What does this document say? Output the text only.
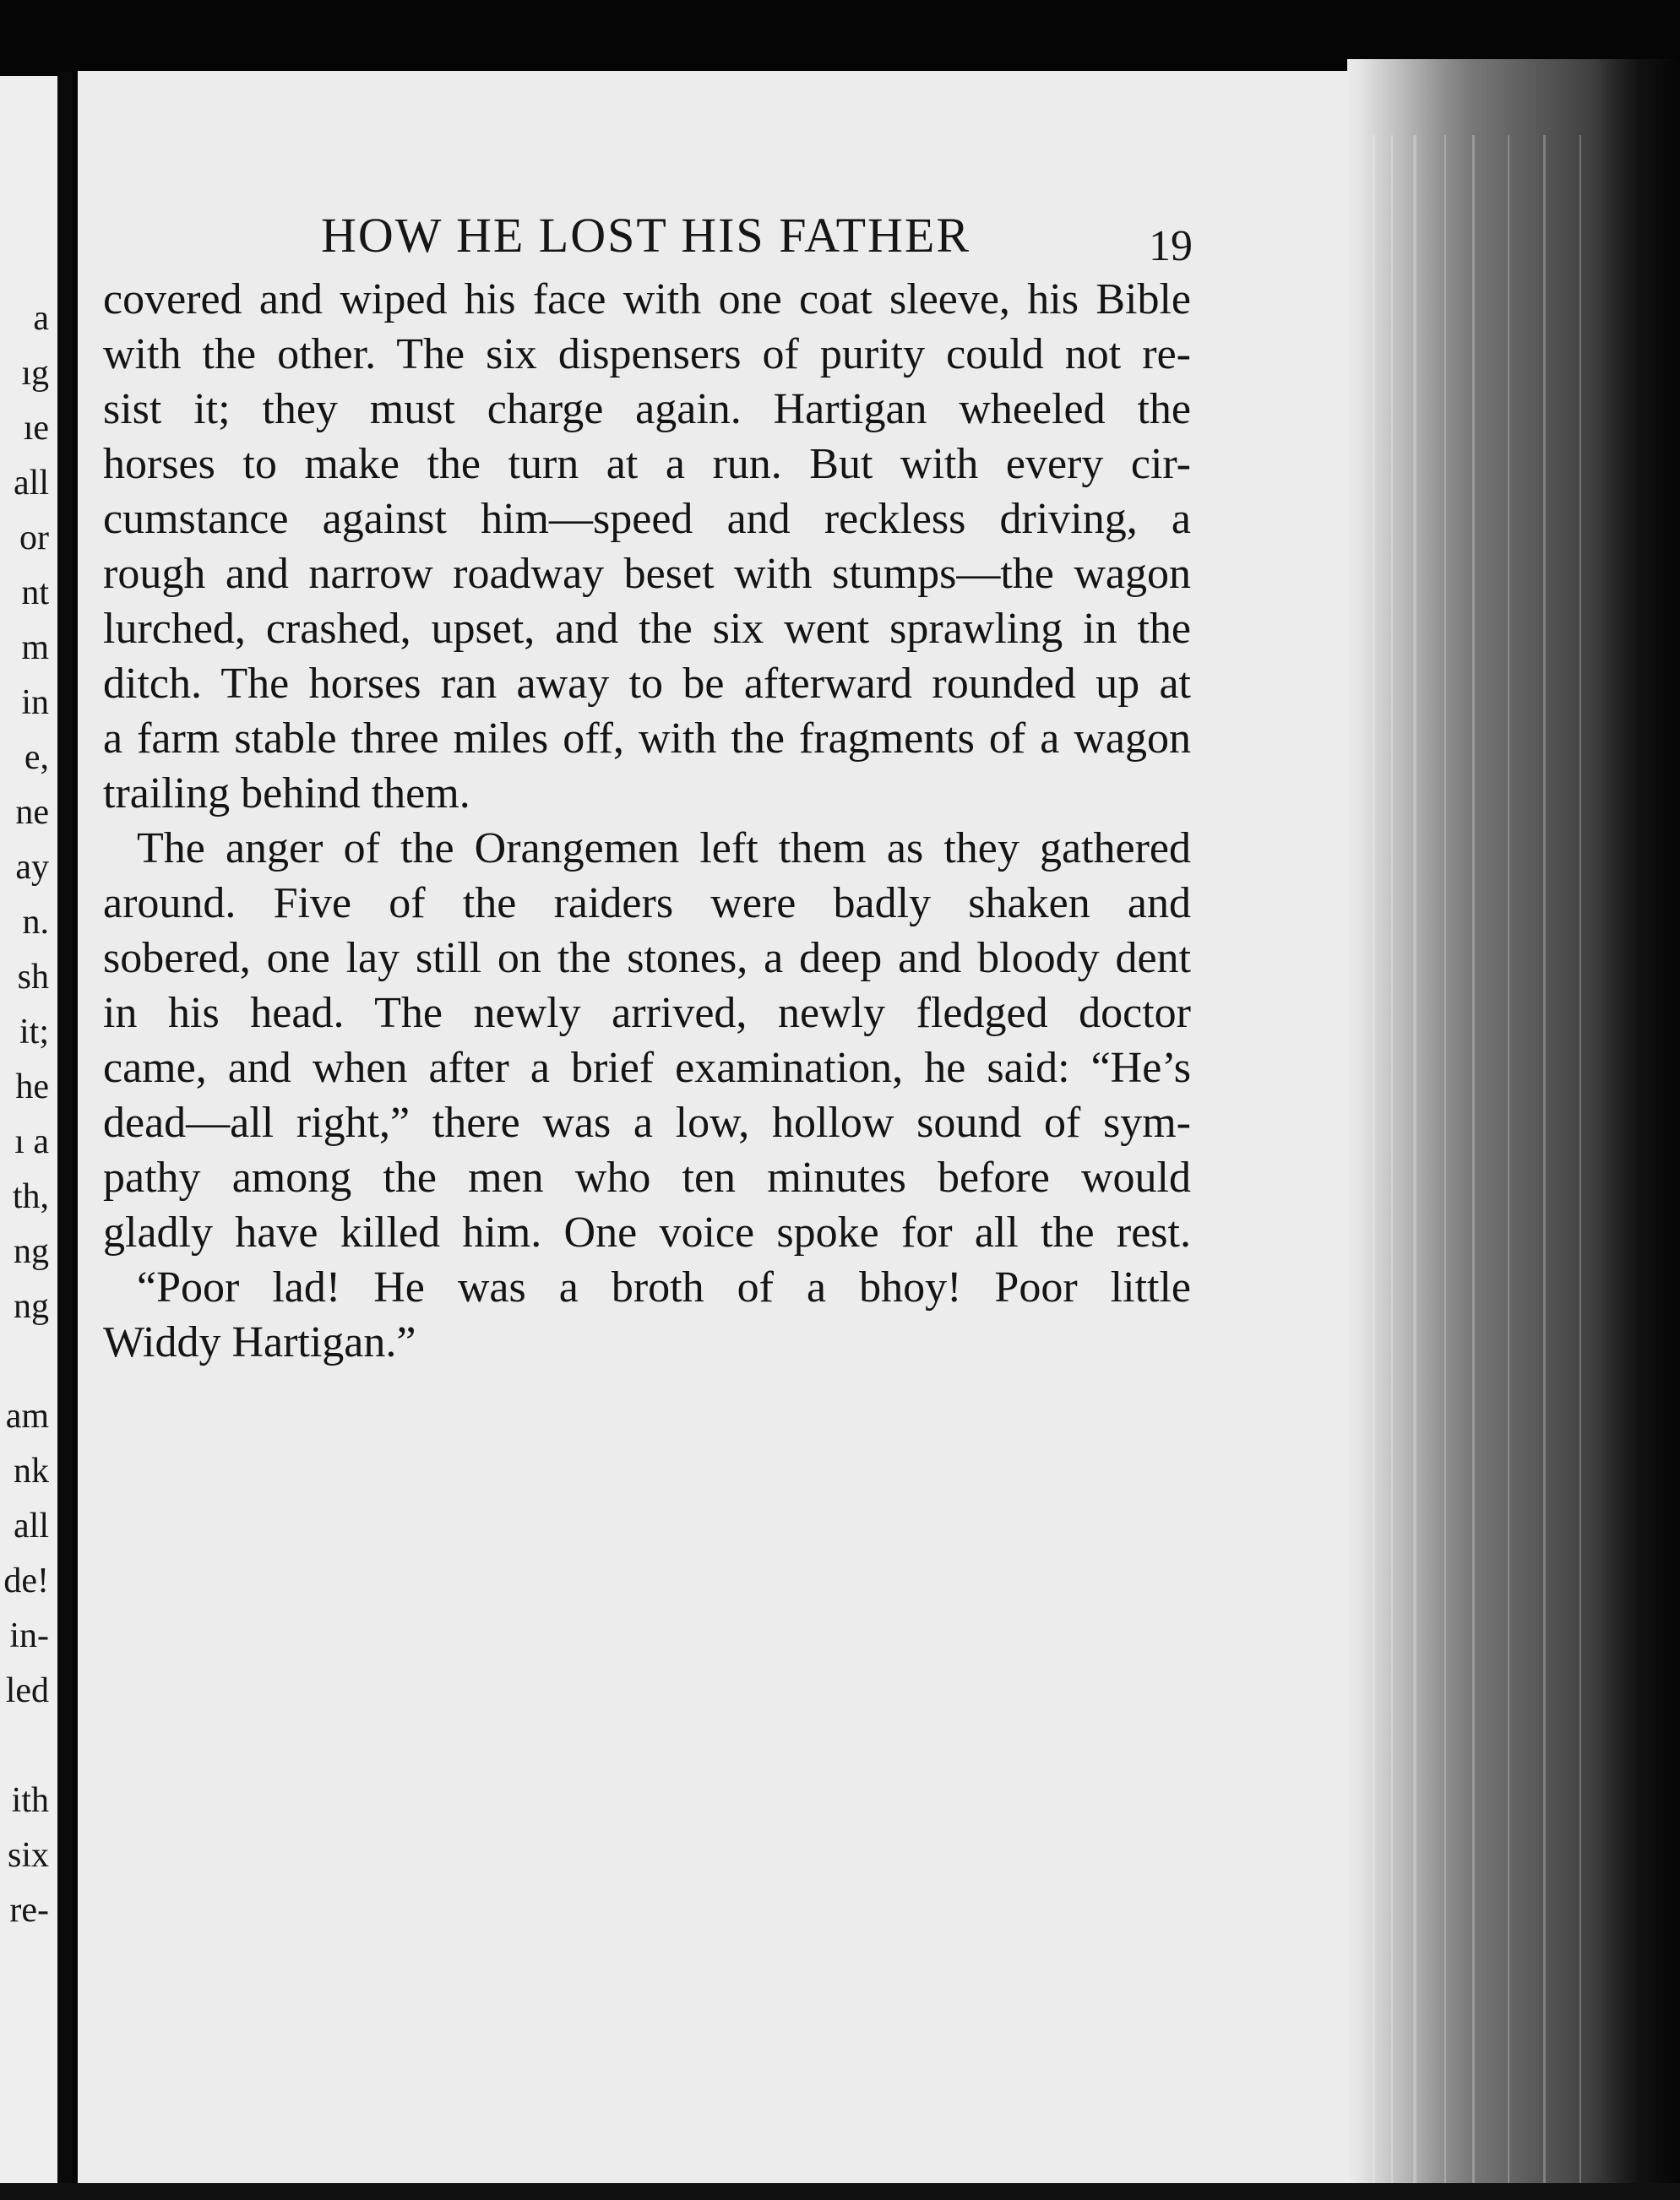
a
ıg
ıe
all
or
nt
m
in
e,
ne
ay
n.
sh
it;
he
ı a
th,
ng
ng
am
nk
all
de!
in-
led
ith
six
re-
HOW HE LOST HIS FATHER	19
covered and wiped his face with one coat sleeve, his Bible
with the other. The six dispensers of purity could not re-
sist it; they must charge again. Hartigan wheeled the
horses to make the turn at a run. But with every cir-
cumstance against him—speed and reckless driving, a
rough and narrow roadway beset with stumps—the wagon
lurched, crashed, upset, and the six went sprawling in the
ditch. The horses ran away to be afterward rounded up at
a farm stable three miles off, with the fragments of a wagon
trailing behind them.
The anger of the Orangemen left them as they gathered
around. Five of the raiders were badly shaken and
sobered, one lay still on the stones, a deep and bloody dent
in his head. The newly arrived, newly fledged doctor
came, and when after a brief examination, he said: “He’s
dead—all right,” there was a low, hollow sound of sym-
pathy among the men who ten minutes before would
gladly have killed him. One voice spoke for all the rest.
“Poor lad! He was a broth of a bhoy! Poor little
Widdy Hartigan.”
